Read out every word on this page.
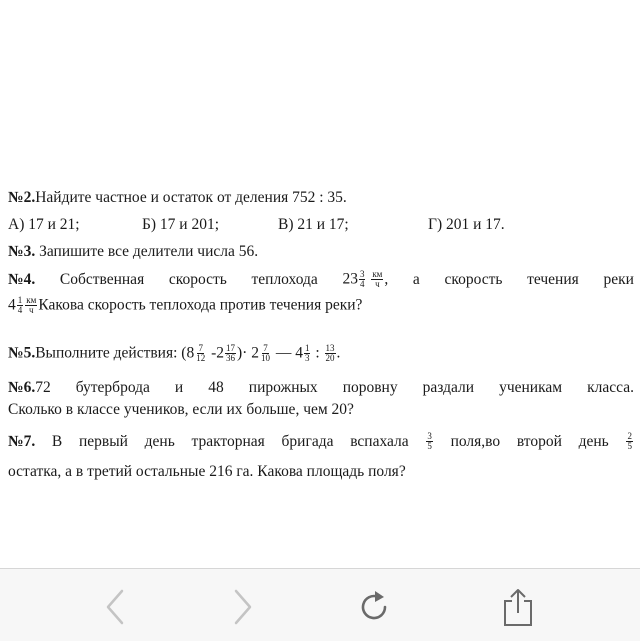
№2.Найдите частное и остаток от деления 752 : 35.
А) 17 и 21;	Б) 17 и 201;	В) 21 и 17;	Г) 201 и 17.
№3. Запишите все делители числа 56.
№4. Собственная скорость теплохода $23 \frac{3}{4}$
$\frac{км}{ч}$ , а скорость течения реки
$4 \frac{1}{4} \frac{км}{ч}$ Какова скорость теплохода против течения реки?
№5.Выполните действия: ($8 \frac{7}{12} -2 \frac{17}{36}$ )· $2 \frac{7}{10}$ — $4 \frac{1}{3}$ : $\frac{13}{20}$ .
№6.72 бутерброда и 48 пирожных поровну раздали ученикам класса.
Сколько в классе учеников, если их больше, чем 20?
№7. В первый день тракторная бригада вспахала $\frac{3}{5}$ поля,во второй день $\frac{2}{5}$
остатка, а в третий остальные 216 га. Какова площадь поля?
